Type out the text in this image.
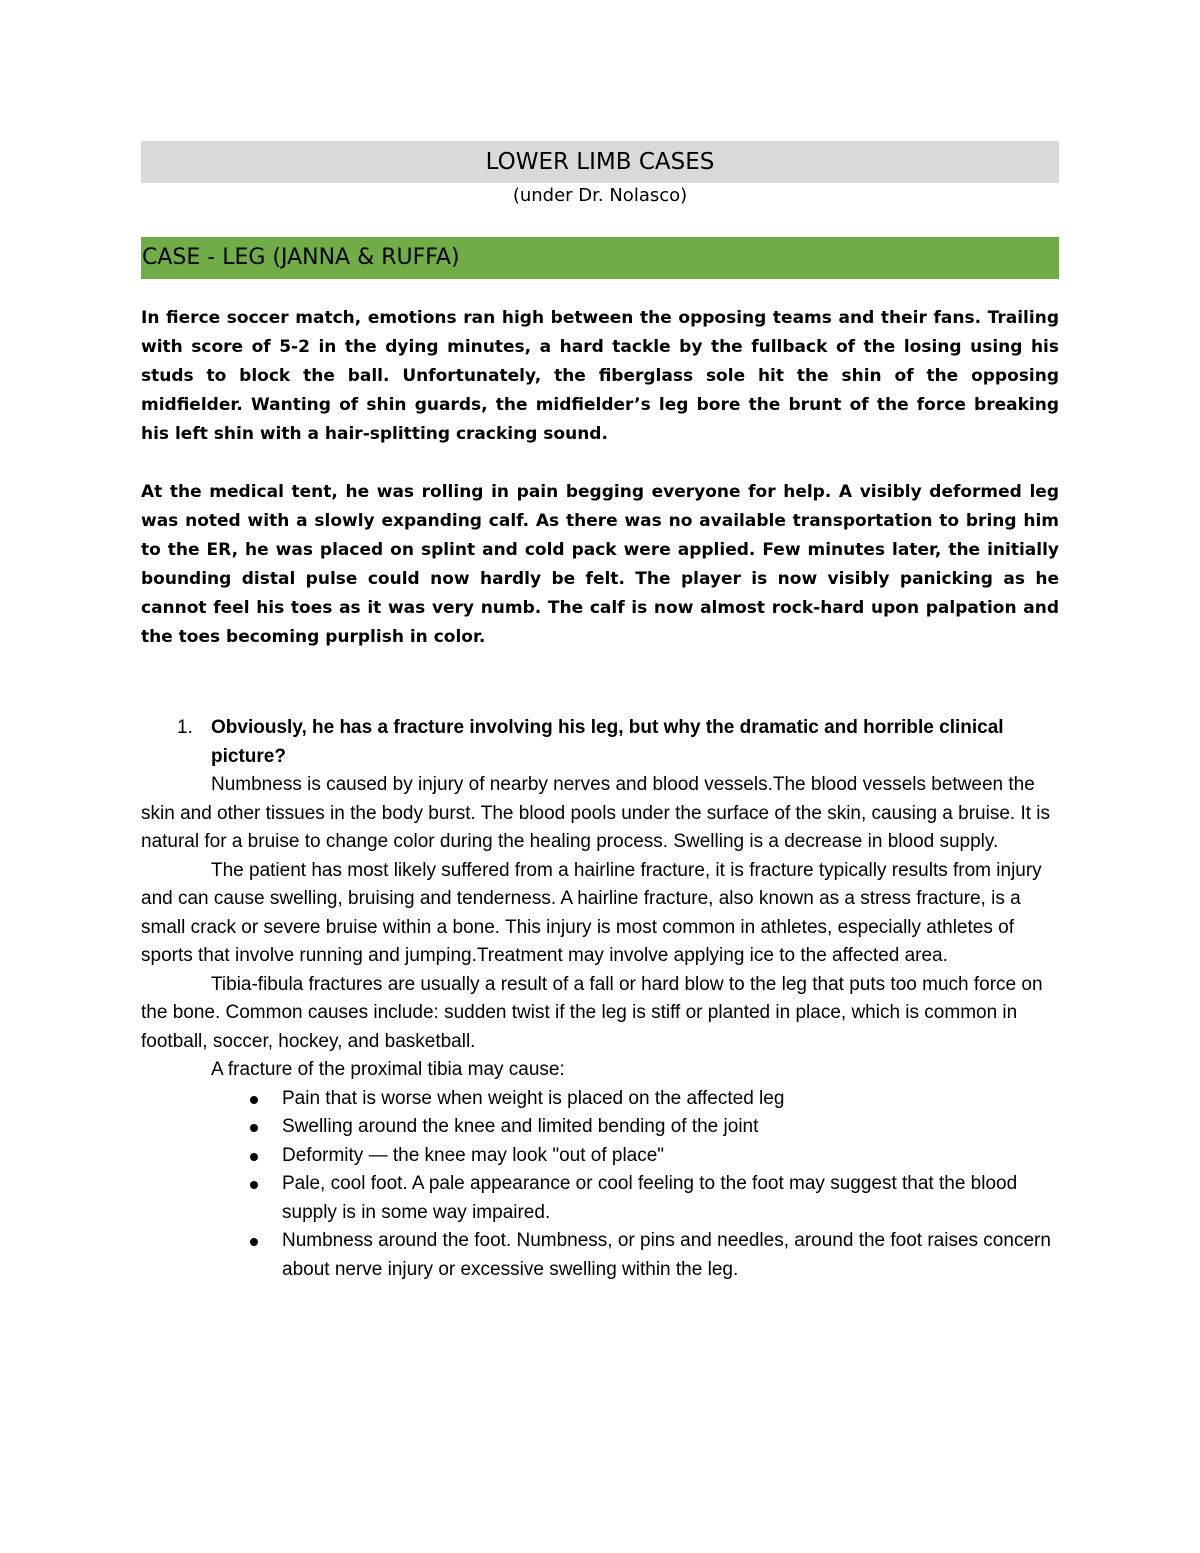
LOWER LIMB CASES
(under Dr. Nolasco)
CASE - LEG (JANNA & RUFFA)

In fierce soccer match, emotions ran high between the opposing teams and their fans. Trailing with score of 5-2 in the dying minutes, a hard tackle by the fullback of the losing using his studs to block the ball. Unfortunately, the fiberglass sole hit the shin of the opposing midfielder. Wanting of shin guards, the midfielder’s leg bore the brunt of the force breaking his left shin with a hair-splitting cracking sound.

At the medical tent, he was rolling in pain begging everyone for help. A visibly deformed leg was noted with a slowly expanding calf. As there was no available transportation to bring him to the ER, he was placed on splint and cold pack were applied. Few minutes later, the initially bounding distal pulse could now hardly be felt. The player is now visibly panicking as he cannot feel his toes as it was very numb. The calf is now almost rock-hard upon palpation and the toes becoming purplish in color.

1. Obviously, he has a fracture involving his leg, but why the dramatic and horrible clinical picture?

Numbness is caused by injury of nearby nerves and blood vessels.The blood vessels between the skin and other tissues in the body burst. The blood pools under the surface of the skin, causing a bruise. It is natural for a bruise to change color during the healing process. Swelling is a decrease in blood supply.

The patient has most likely suffered from a hairline fracture, it is fracture typically results from injury and can cause swelling, bruising and tenderness. A hairline fracture, also known as a stress fracture, is a small crack or severe bruise within a bone. This injury is most common in athletes, especially athletes of sports that involve running and jumping.Treatment may involve applying ice to the affected area.

Tibia-fibula fractures are usually a result of a fall or hard blow to the leg that puts too much force on the bone. Common causes include: sudden twist if the leg is stiff or planted in place, which is common in football, soccer, hockey, and basketball.

A fracture of the proximal tibia may cause:

Pain that is worse when weight is placed on the affected leg
Swelling around the knee and limited bending of the joint
Deformity — the knee may look "out of place"
Pale, cool foot. A pale appearance or cool feeling to the foot may suggest that the blood supply is in some way impaired.
Numbness around the foot. Numbness, or pins and needles, around the foot raises concern about nerve injury or excessive swelling within the leg.
